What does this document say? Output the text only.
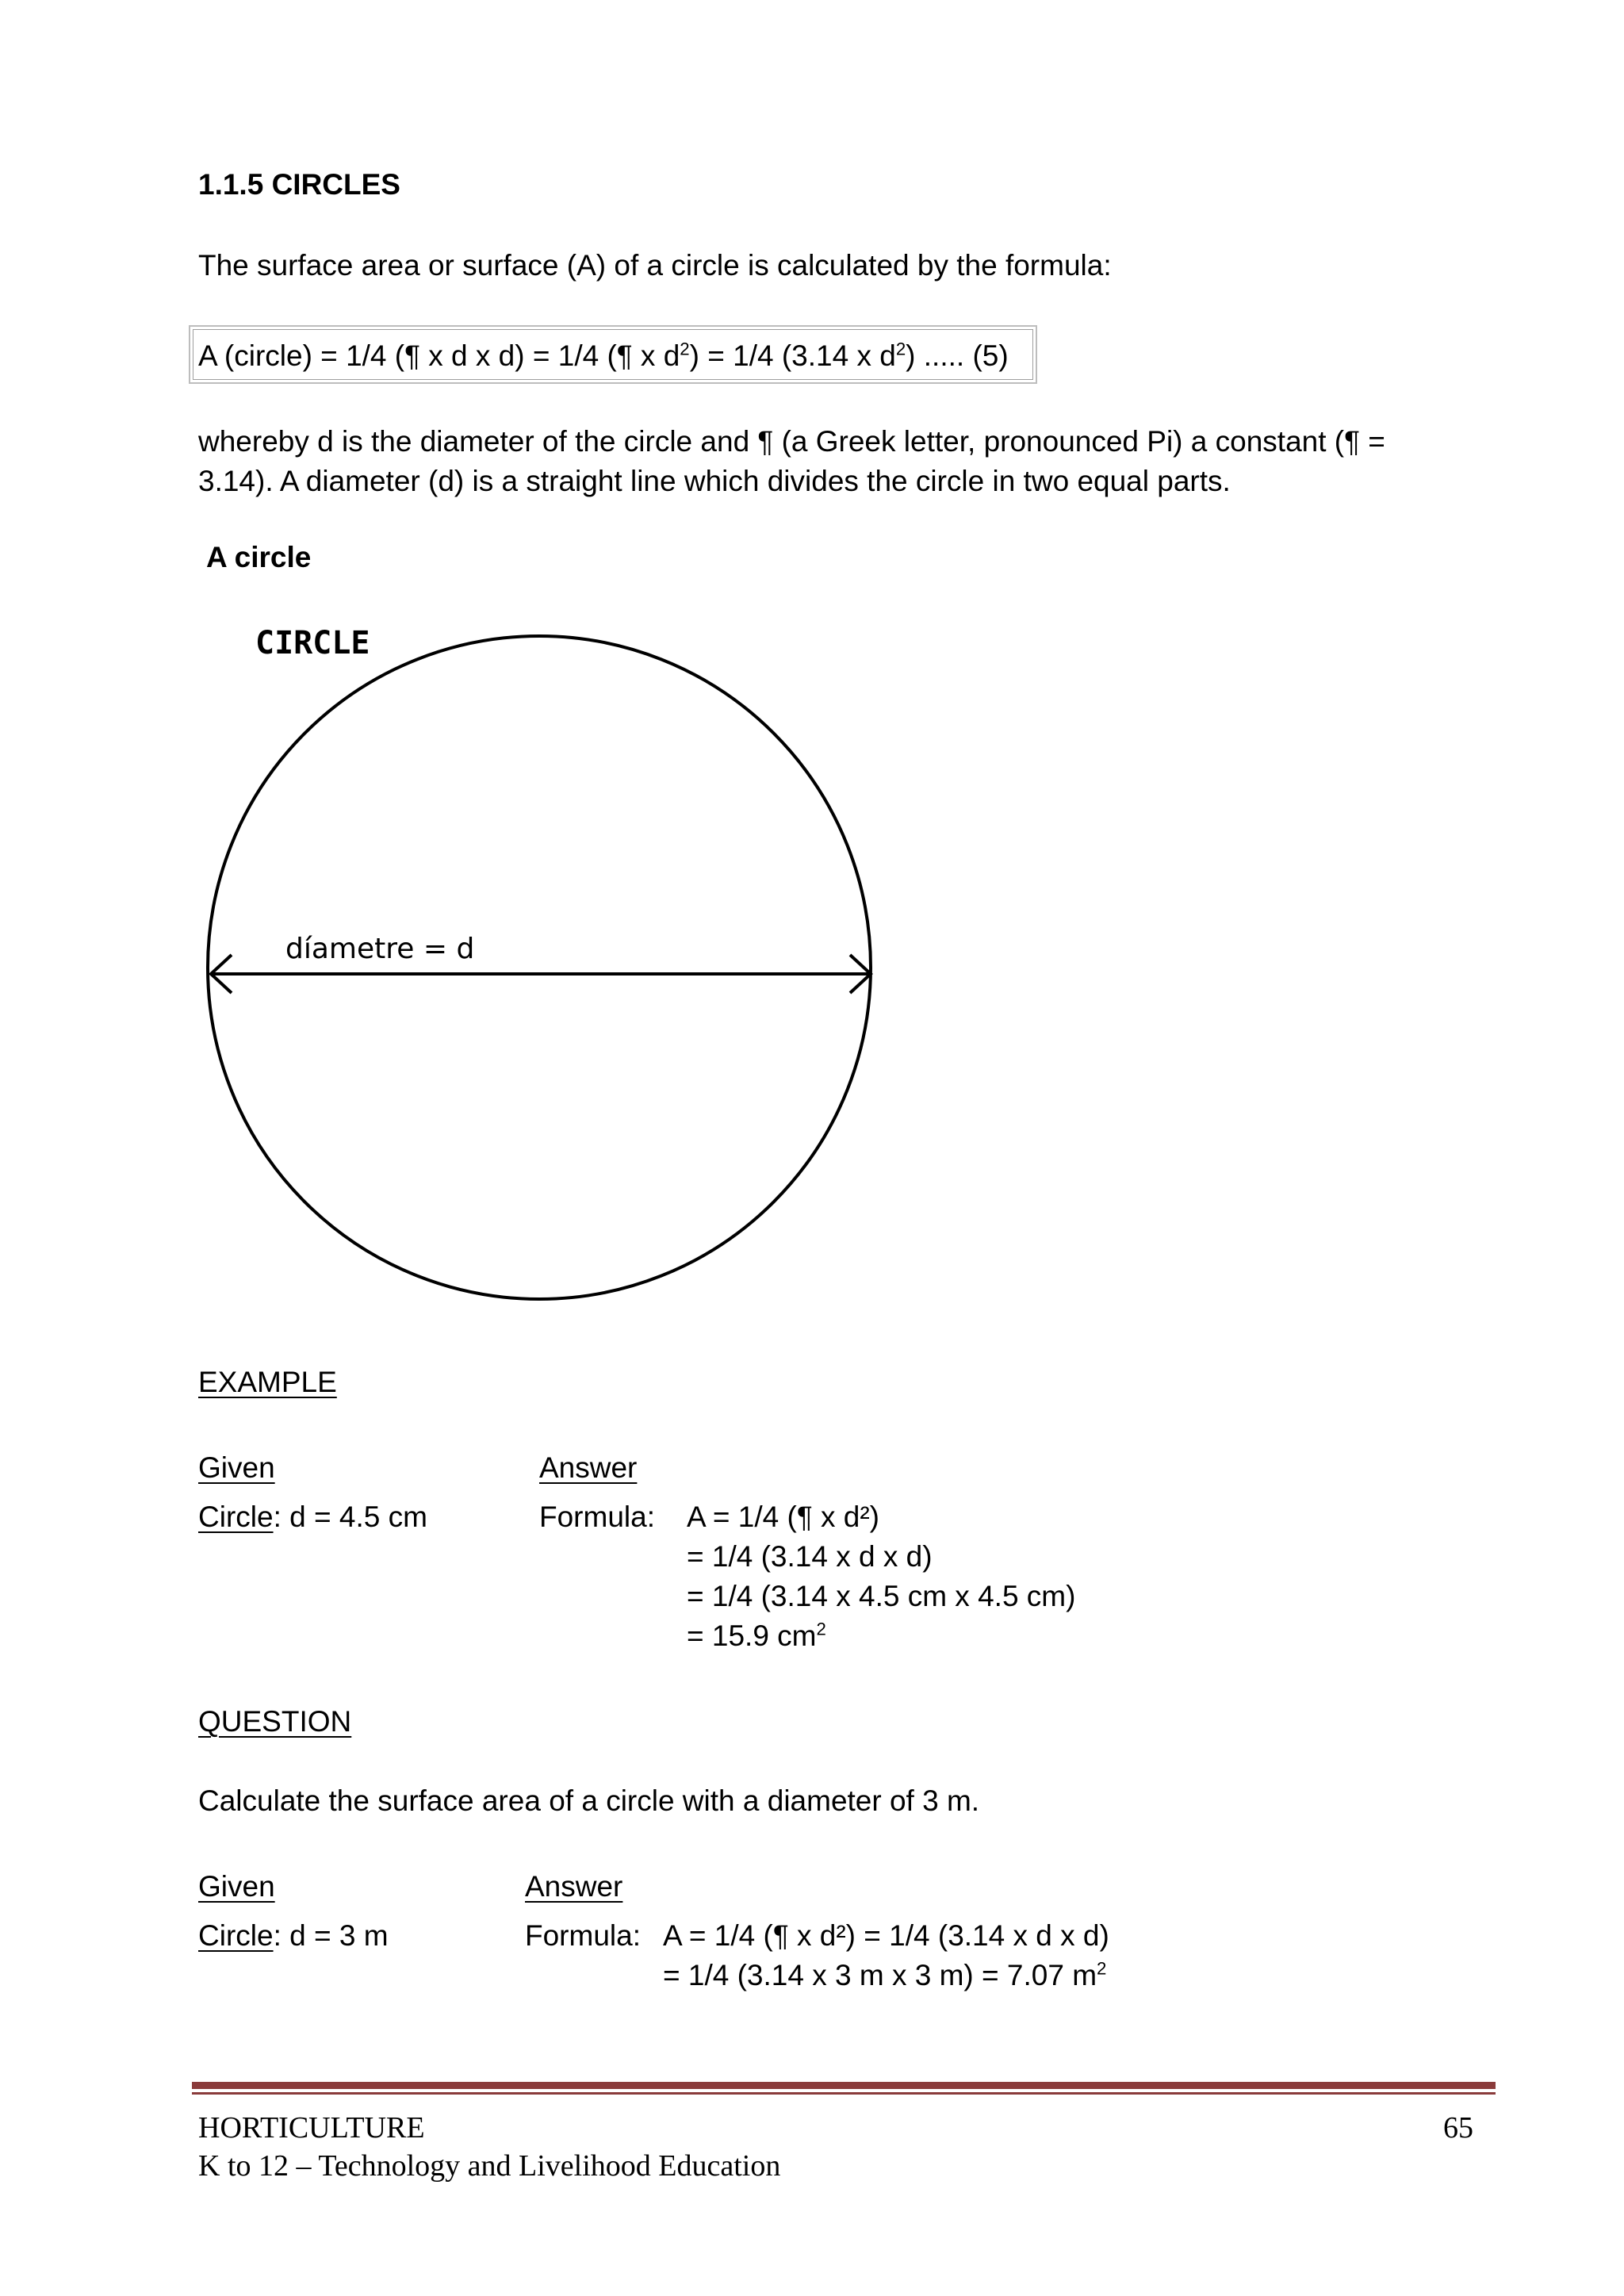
1.1.5 CIRCLES
The surface area or surface (A) of a circle is calculated by the formula:
A (circle) = 1/4 (¶ x d x d) = 1/4 (¶ x $d^2) = 1/4$ (3.14 x $d^2$) ..... (5)
whereby d is the diameter of the circle and ¶ (a Greek letter, pronounced Pi) a constant (¶ =
3.14). A diameter (d) is a straight line which divides the circle in two equal parts.
A circle
CIRCLE
díametre = d
EXAMPLE
Given	Answer
Circle: d = 4.5 cm	Formula: A = 1/4 (¶ x d²)
= 1/4 (3.14 x d x d)
= 1/4 (3.14 x 4.5 cm x 4.5 cm)
= 15.9 $cm^2$
QUESTION
Calculate the surface area of a circle with a diameter of 3 m.
Given	Answer
Circle: d = 3 m	Formula: A = 1/4 (¶ x d²) = 1/4 (3.14 x d x d)
= 1/4 (3.14 x 3 m x 3 m) = 7.07 $m^2$
HORTICULTURE
K to 12 – Technology and Livelihood Education
65
